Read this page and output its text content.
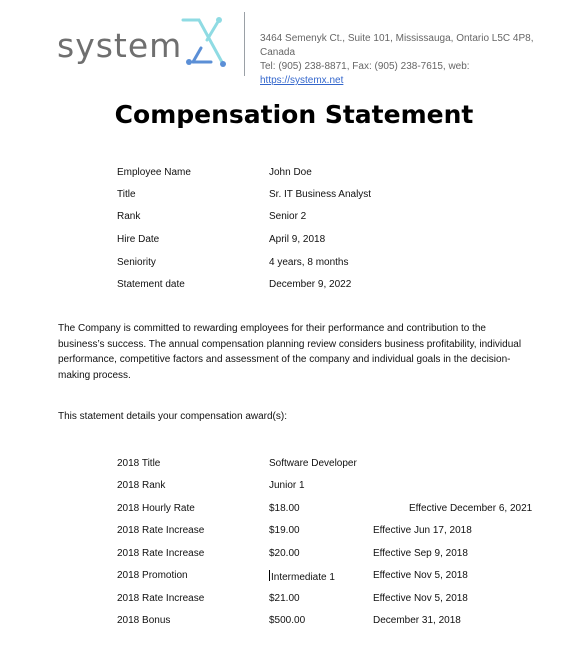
system	3464 Semenyk Ct., Suite 101, Mississauga, Ontario L5C 4P8,
Canada
Tel: (905) 238-8871, Fax: (905) 238-7615, web:
https://systemx.net
Compensation Statement
Employee Name	John Doe
Title	Sr. IT Business Analyst
Rank	Senior 2
Hire Date	April 9, 2018
Seniority	4 years, 8 months
Statement date	December 9, 2022
The Company is committed to rewarding employees for their performance and contribution to the business’s success. The annual compensation planning review considers business profitability, individual performance, competitive factors and assessment of the company and individual goals in the decision-making process.
This statement details your compensation award(s):
2018 Title	Software Developer
2018 Rank	Junior 1
2018 Hourly Rate	$18.00	Effective December 6, 2021
2018 Rate Increase	$19.00	Effective Jun 17, 2018
2018 Rate Increase	$20.00	Effective Sep 9, 2018
2018 Promotion	Intermediate 1	Effective Nov 5, 2018
2018 Rate Increase	$21.00	Effective Nov 5, 2018
2018 Bonus	$500.00	December 31, 2018
